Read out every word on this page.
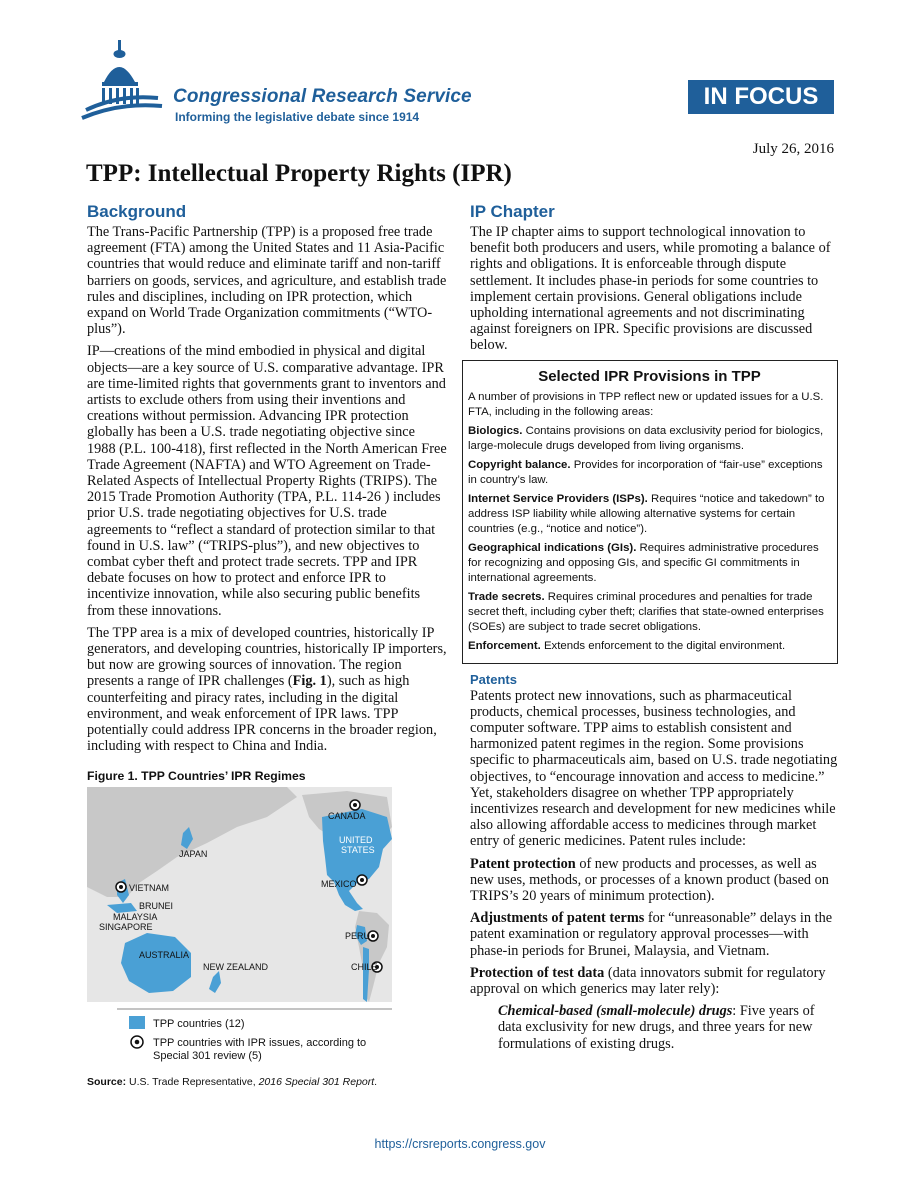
Congressional Research Service
Informing the legislative debate since 1914
IN FOCUS
July 26, 2016
TPP: Intellectual Property Rights (IPR)
Background

The Trans-Pacific Partnership (TPP) is a proposed free trade agreement (FTA) among the United States and 11 Asia-Pacific countries that would reduce and eliminate tariff and non-tariff barriers on goods, services, and agriculture, and establish trade rules and disciplines, including on IPR protection, which expand on World Trade Organization commitments (“WTO-plus”).

IP—creations of the mind embodied in physical and digital objects—are a key source of U.S. comparative advantage. IPR are time-limited rights that governments grant to inventors and artists to exclude others from using their inventions and creations without permission. Advancing IPR protection globally has been a U.S. trade negotiating objective since 1988 (P.L. 100-418), first reflected in the North American Free Trade Agreement (NAFTA) and WTO Agreement on Trade-Related Aspects of Intellectual Property Rights (TRIPS). The 2015 Trade Promotion Authority (TPA, P.L. 114-26 ) includes prior U.S. trade negotiating objectives for U.S. trade agreements to “reflect a standard of protection similar to that found in U.S. law” (“TRIPS-plus”), and new objectives to combat cyber theft and protect trade secrets. TPP and IPR debate focuses on how to protect and enforce IPR to incentivize innovation, while also securing public benefits from these innovations.

The TPP area is a mix of developed countries, historically IP generators, and developing countries, historically IP importers, but now are growing sources of innovation. The region presents a range of IPR challenges (Fig. 1), such as high counterfeiting and piracy rates, including in the digital environment, and weak enforcement of IPR laws. TPP potentially could address IPR concerns in the broader region, including with respect to China and India.

Figure 1. TPP Countries’ IPR Regimes
CANADA
UNITED
STATES
JAPAN
MEXICO
VIETNAM
BRUNEI
MALAYSIA
SINGAPORE
PERU
AUSTRALIA
NEW ZEALAND	CHILE
TPP countries (12)
TPP countries with IPR issues, according to
Special 301 review (5)
Source: U.S. Trade Representative, 2016 Special 301 Report.
IP Chapter

The IP chapter aims to support technological innovation to benefit both producers and users, while promoting a balance of rights and obligations. It is enforceable through dispute settlement. It includes phase-in periods for some countries to implement certain provisions. General obligations include upholding international agreements and not discriminating against foreigners on IPR. Specific provisions are discussed below.

Selected IPR Provisions in TPP

A number of provisions in TPP reflect new or updated issues for a U.S. FTA, including in the following areas:

Biologics. Contains provisions on data exclusivity period for biologics, large-molecule drugs developed from living organisms.

Copyright balance. Provides for incorporation of “fair-use” exceptions in country’s law.

Internet Service Providers (ISPs). Requires “notice and takedown” to address ISP liability while allowing alternative systems for certain countries (e.g., “notice and notice”).

Geographical indications (GIs). Requires administrative procedures for recognizing and opposing GIs, and specific GI commitments in international agreements.

Trade secrets. Requires criminal procedures and penalties for trade secret theft, including cyber theft; clarifies that state-owned enterprises (SOEs) are subject to trade secret obligations.

Enforcement. Extends enforcement to the digital environment.

Patents

Patents protect new innovations, such as pharmaceutical products, chemical processes, business technologies, and computer software. TPP aims to establish consistent and harmonized patent regimes in the region. Some provisions specific to pharmaceuticals aim, based on U.S. trade negotiating objectives, to “encourage innovation and access to medicine.” Yet, stakeholders disagree on whether TPP appropriately incentivizes research and development for new medicines while also allowing affordable access to medicines through market entry of generic medicines. Patent rules include:

Patent protection of new products and processes, as well as new uses, methods, or processes of a known product (based on TRIPS’s 20 years of minimum protection).

Adjustments of patent terms for “unreasonable” delays in the patent examination or regulatory approval processes—with phase-in periods for Brunei, Malaysia, and Vietnam.

Protection of test data (data innovators submit for regulatory approval on which generics may later rely):

Chemical-based (small-molecule) drugs: Five years of data exclusivity for new drugs, and three years for new formulations of existing drugs.

https://crsreports.congress.gov
